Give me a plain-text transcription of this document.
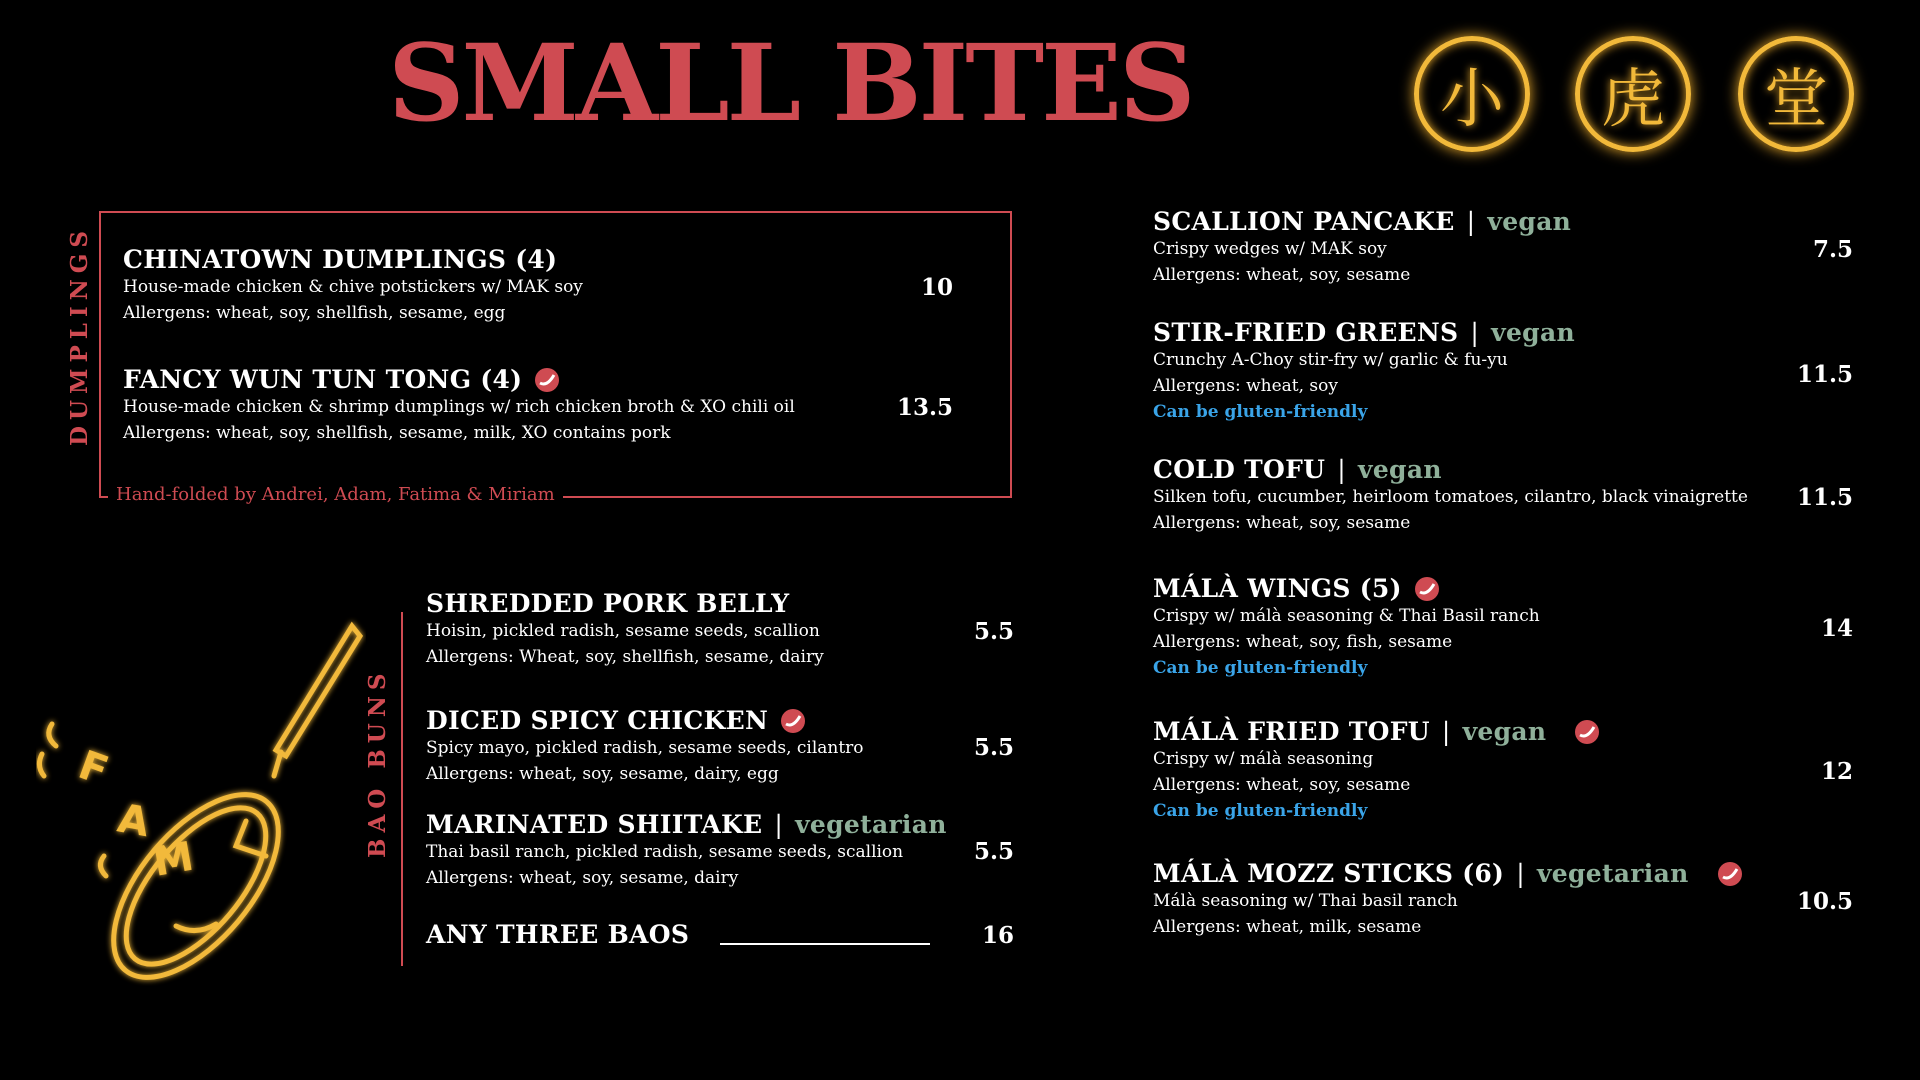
SMALL BITES	小 虎 堂
DUMPLINGS CHINATOWN DUMPLINGS (4)
House-made chicken & chive potstickers w/ MAK soy
Allergens: wheat, soy, shellfish, sesame, egg
10
FANCY WUN TUN TONG (4)
House-made chicken & shrimp dumplings w/ rich chicken broth & XO chili oil
Allergens: wheat, soy, shellfish, sesame, milk, XO contains pork
13.5
Hand-folded by Andrei, Adam, Fatima & Miriam
F
A
M
BAO BUNS
SHREDDED PORK BELLY
Hoisin, pickled radish, sesame seeds, scallion
Allergens: Wheat, soy, shellfish, sesame, dairy
5.5
DICED SPICY CHICKEN
Spicy mayo, pickled radish, sesame seeds, cilantro
Allergens: wheat, soy, sesame, dairy, egg
5.5
MARINATED SHIITAKE | vegetarian
Thai basil ranch, pickled radish, sesame seeds, scallion
Allergens: wheat, soy, sesame, dairy
5.5
ANY THREE BAOS	16
SCALLION PANCAKE | vegan
Crispy wedges w/ MAK soy
Allergens: wheat, soy, sesame
7.5
STIR-FRIED GREENS | vegan
Crunchy A-Choy stir-fry w/ garlic & fu-yu
Allergens: wheat, soy
Can be gluten-friendly
11.5
COLD TOFU | vegan
Silken tofu, cucumber, heirloom tomatoes, cilantro, black vinaigrette
Allergens: wheat, soy, sesame
11.5
MÁLÀ WINGS (5)
Crispy w/ málà seasoning & Thai Basil ranch
Allergens: wheat, soy, fish, sesame
Can be gluten-friendly
14
MÁLÀ FRIED TOFU | vegan
Crispy w/ málà seasoning
Allergens: wheat, soy, sesame
Can be gluten-friendly
12
MÁLÀ MOZZ STICKS (6) | vegetarian
Málà seasoning w/ Thai basil ranch
Allergens: wheat, milk, sesame
10.5
